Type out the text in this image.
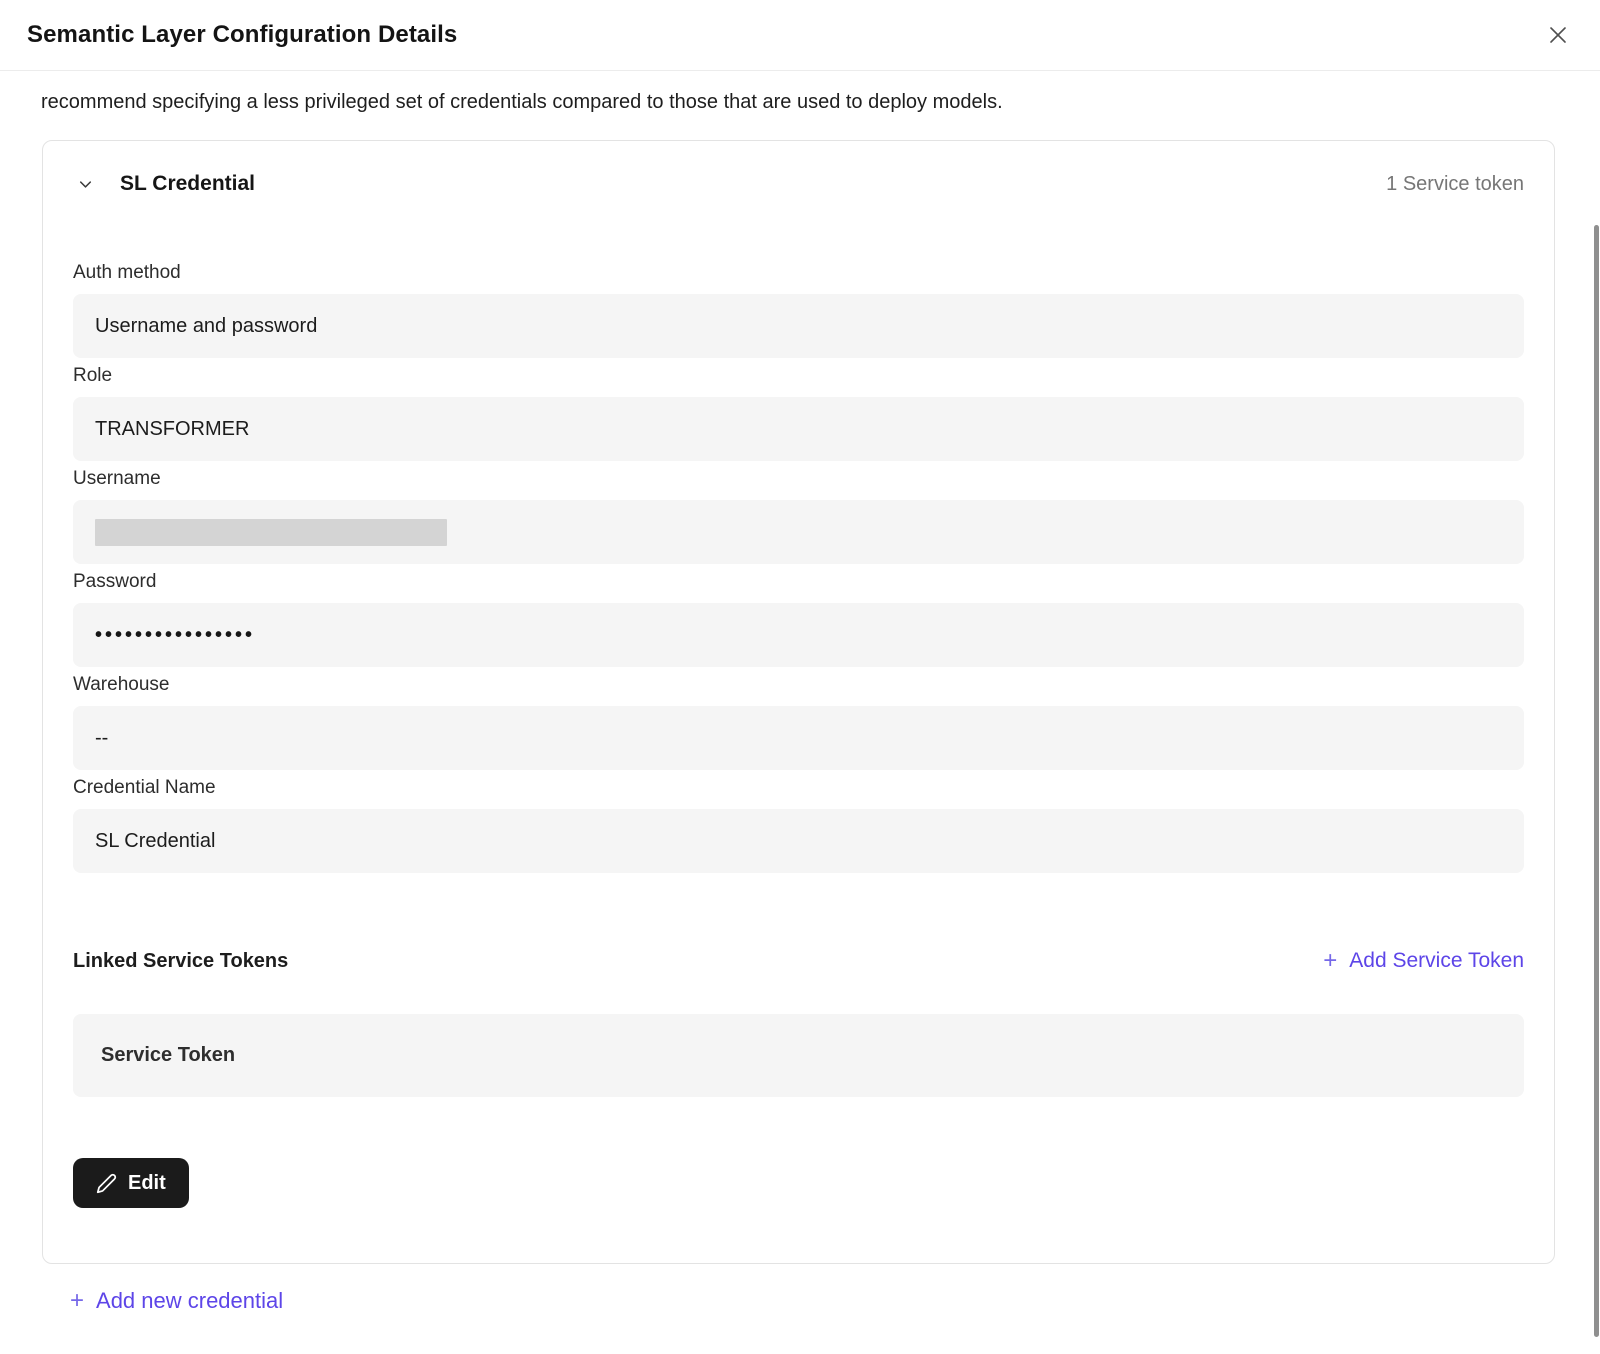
Semantic Layer Configuration Details

recommend specifying a less privileged set of credentials compared to those that are used to deploy models.

SL Credential	1 Service token
Auth method
Username and password
Role
TRANSFORMER
Username
Password
••••••••••••••••
Warehouse
--
Credential Name
SL Credential
Linked Service Tokens	+ Add Service Token
Service Token
Edit
+ Add new credential
